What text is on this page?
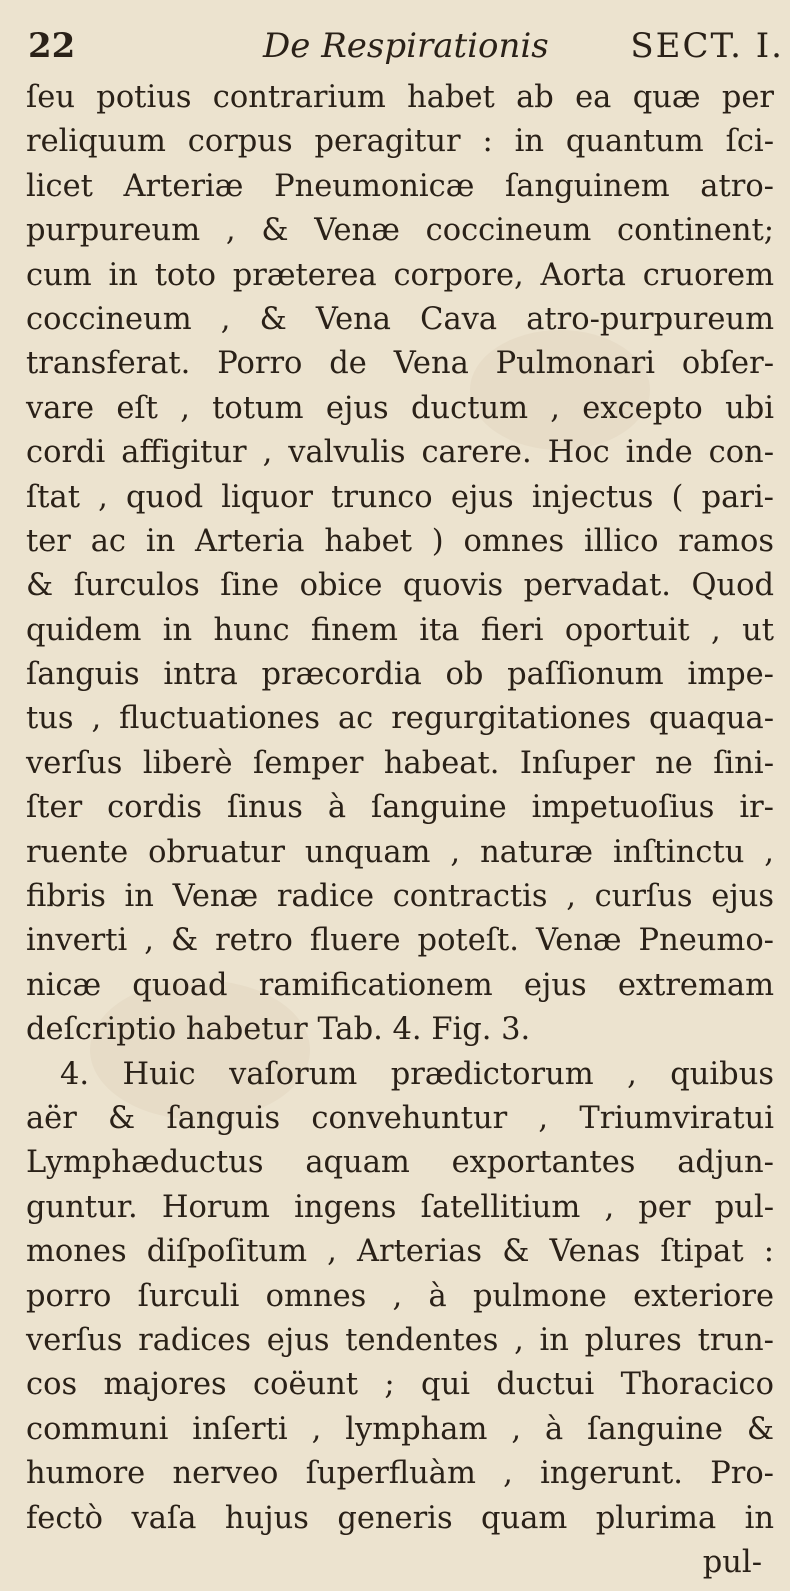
22	De Respirationis SECT. I.
ſeu potius contrarium habet ab ea quæ per
reliquum corpus peragitur : in quantum ſci-
licet Arteriæ Pneumonicæ ſanguinem atro-
purpureum , & Venæ coccineum continent;
cum in toto præterea corpore, Aorta cruorem
coccineum , & Vena Cava atro-purpureum
transferat. Porro de Vena Pulmonari obſer-
vare eſt , totum ejus ductum , excepto ubi
cordi affigitur , valvulis carere. Hoc inde con-
ſtat , quod liquor trunco ejus injectus ( pari-
ter ac in Arteria habet ) omnes illico ramos
& ſurculos ſine obice quovis pervadat. Quod
quidem in hunc finem ita fieri oportuit , ut
ſanguis intra præcordia ob paſſionum impe-
tus , fluctuationes ac regurgitationes quaqua-
verſus liberè ſemper habeat. Inſuper ne ſini-
ſter cordis ſinus à ſanguine impetuoſius ir-
ruente obruatur unquam , naturæ inſtinctu ,
fibris in Venæ radice contractis , curſus ejus
inverti , & retro fluere poteſt. Venæ Pneumo-
nicæ quoad ramificationem ejus extremam
deſcriptio habetur Tab. 4. Fig. 3.
4. Huic vaſorum prædictorum , quibus
aër & ſanguis convehuntur , Triumviratui
Lymphæductus aquam exportantes adjun-
guntur. Horum ingens ſatellitium , per pul-
mones diſpoſitum , Arterias & Venas ſtipat :
porro ſurculi omnes , à pulmone exteriore
verſus radices ejus tendentes , in plures trun-
cos majores coëunt ; qui ductui Thoracico
communi inſerti , lympham , à ſanguine &
humore nerveo ſuperfluàm , ingerunt. Pro-
fectò vaſa hujus generis quam plurima in
pul-
